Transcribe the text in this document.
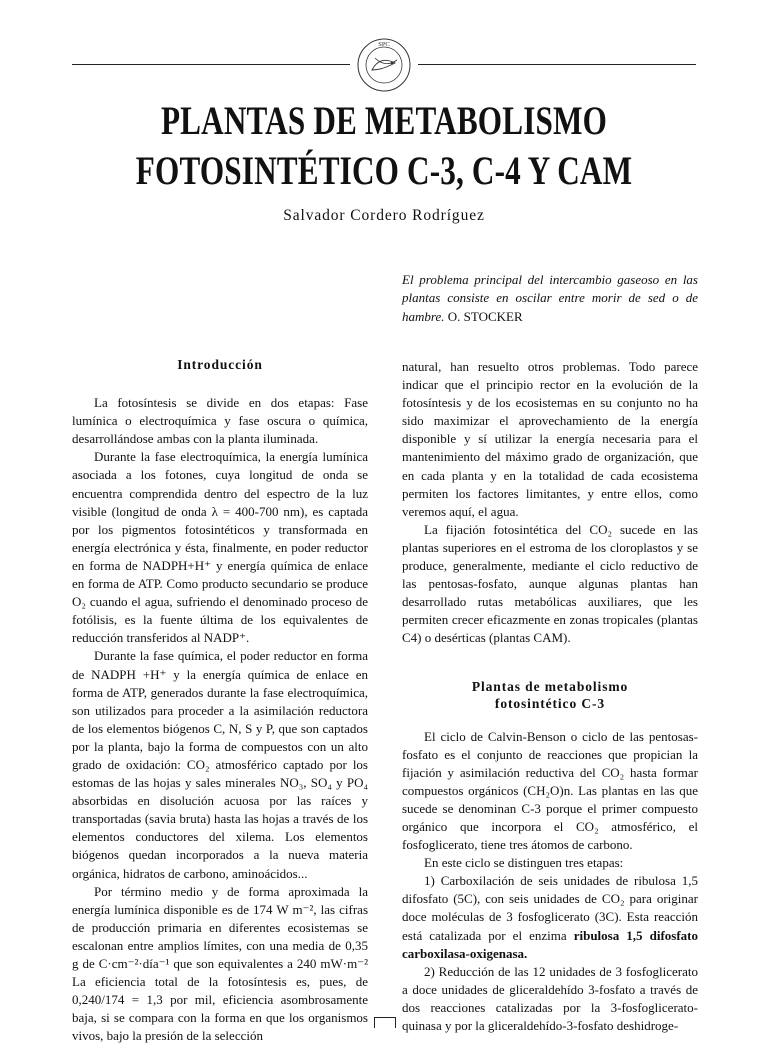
SPC
PLANTAS DE METABOLISMO
FOTOSINTÉTICO C-3, C-4 Y CAM
Salvador Cordero Rodríguez
El problema principal del intercambio gaseoso en las plantas consiste en oscilar entre morir de sed o de hambre. O. STOCKER
Introducción

La fotosíntesis se divide en dos etapas: Fase lumínica o electroquímica y fase oscura o química, desarrollándose ambas con la planta iluminada.

Durante la fase electroquímica, la energía lumínica asociada a los fotones, cuya longitud de onda se encuentra comprendida dentro del espectro de la luz visible (longitud de onda λ = 400-700 nm), es captada por los pigmentos fotosintéticos y transformada en energía electrónica y ésta, finalmente, en poder reductor en forma de NADPH+H⁺ y energía química de enlace en forma de ATP. Como producto secundario se produce O₂ cuando el agua, sufriendo el denominado proceso de fotólisis, es la fuente última de los equivalentes de reducción transferidos al NADP⁺.

Durante la fase química, el poder reductor en forma de NADPH +H⁺ y la energía química de enlace en forma de ATP, generados durante la fase electroquímica, son utilizados para proceder a la asimilación reductora de los elementos biógenos C, N, S y P, que son captados por la planta, bajo la forma de compuestos con un alto grado de oxidación: CO₂ atmosférico captado por los estomas de las hojas y sales minerales NO₃, SO₄ y PO₄ absorbidas en disolución acuosa por las raíces y transportadas (savia bruta) hasta las hojas a través de los elementos conductores del xilema. Los elementos biógenos quedan incorporados a la nueva materia orgánica, hidratos de carbono, aminoácidos...

Por término medio y de forma aproximada la energía lumínica disponible es de 174 W m⁻², las cifras de producción primaria en diferentes ecosistemas se escalonan entre amplios límites, con una media de 0,35 g de C·cm⁻²·día⁻¹ que son equivalentes a 240 mW·m⁻² La eficiencia total de la fotosíntesis es, pues, de 0,240/174 = 1,3 por mil, eficiencia asombrosamente baja, si se compara con la forma en que los organismos vivos, bajo la presión de la selección

natural, han resuelto otros problemas. Todo parece indicar que el principio rector en la evolución de la fotosíntesis y de los ecosistemas en su conjunto no ha sido maximizar el aprovechamiento de la energía disponible y sí utilizar la energía necesaria para el mantenimiento del máximo grado de organización, que en cada planta y en la totalidad de cada ecosistema permiten los factores limitantes, y entre ellos, como veremos aquí, el agua.

La fijación fotosintética del CO₂ sucede en las plantas superiores en el estroma de los cloroplastos y se produce, generalmente, mediante el ciclo reductivo de las pentosas-fosfato, aunque algunas plantas han desarrollado rutas metabólicas auxiliares, que les permiten crecer eficazmente en zonas tropicales (plantas C4) o desérticas (plantas CAM).

Plantas de metabolismo
fotosintético C-3

El ciclo de Calvin-Benson o ciclo de las pentosas-fosfato es el conjunto de reacciones que propician la fijación y asimilación reductiva del CO₂ hasta formar compuestos orgánicos (CH₂O)n. Las plantas en las que sucede se denominan C-3 porque el primer compuesto orgánico que incorpora el CO₂ atmosférico, el fosfoglicerato, tiene tres átomos de carbono.

En este ciclo se distinguen tres etapas:

1) Carboxilación de seis unidades de ribulosa 1,5 difosfato (5C), con seis unidades de CO₂ para originar doce moléculas de 3 fosfoglicerato (3C). Esta reacción está catalizada por el enzima ribulosa 1,5 difosfato carboxilasa-oxigenasa.

2) Reducción de las 12 unidades de 3 fosfoglicerato a doce unidades de gliceraldehído 3-fosfato a través de dos reacciones catalizadas por la 3-fosfoglicerato-quinasa y por la gliceraldehído-3-fosfato deshidroge-
